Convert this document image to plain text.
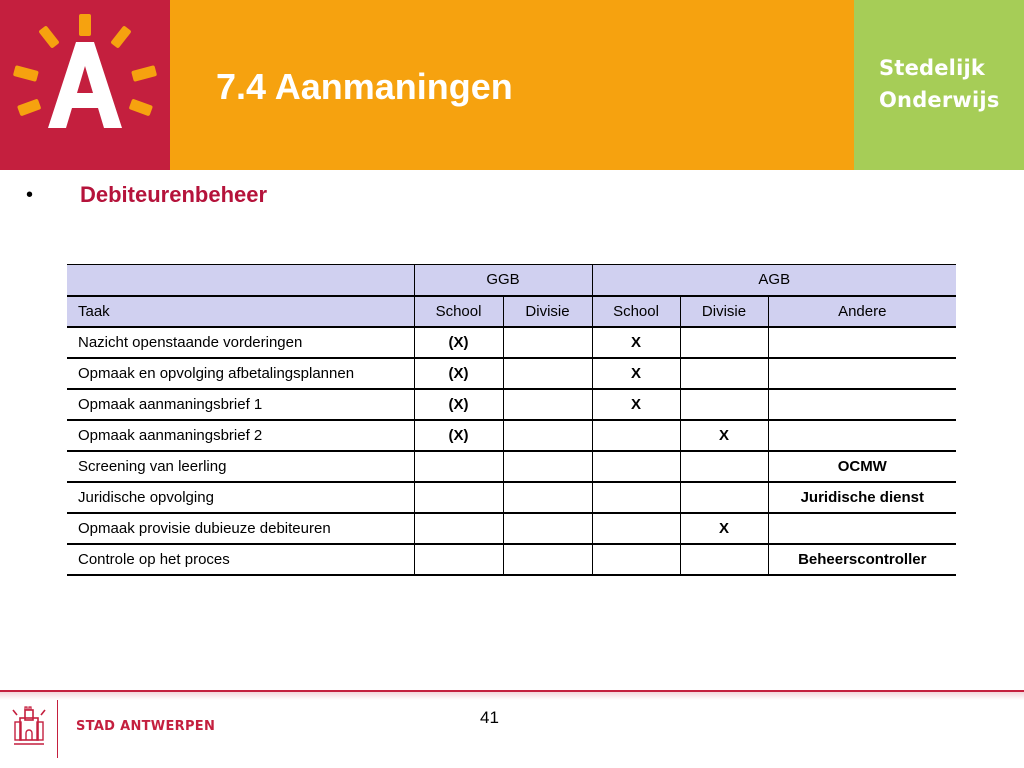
7.4 Aanmaningen	Stedelijk
Onderwijs
•	Debiteurenbeheer
	GGB		AGB		
Taak	School	Divisie	School	Divisie	Andere
Nazicht openstaande vorderingen	(X)		X		
Opmaak en opvolging afbetalingsplannen	(X)		X		
Opmaak aanmaningsbrief 1	(X)		X		
Opmaak aanmaningsbrief 2	(X)			X	
Screening van leerling					OCMW
Juridische opvolging					Juridische dienst
Opmaak provisie dubieuze debiteuren				X	
Controle op het proces					Beheerscontroller
STAD ANTWERPEN	41
